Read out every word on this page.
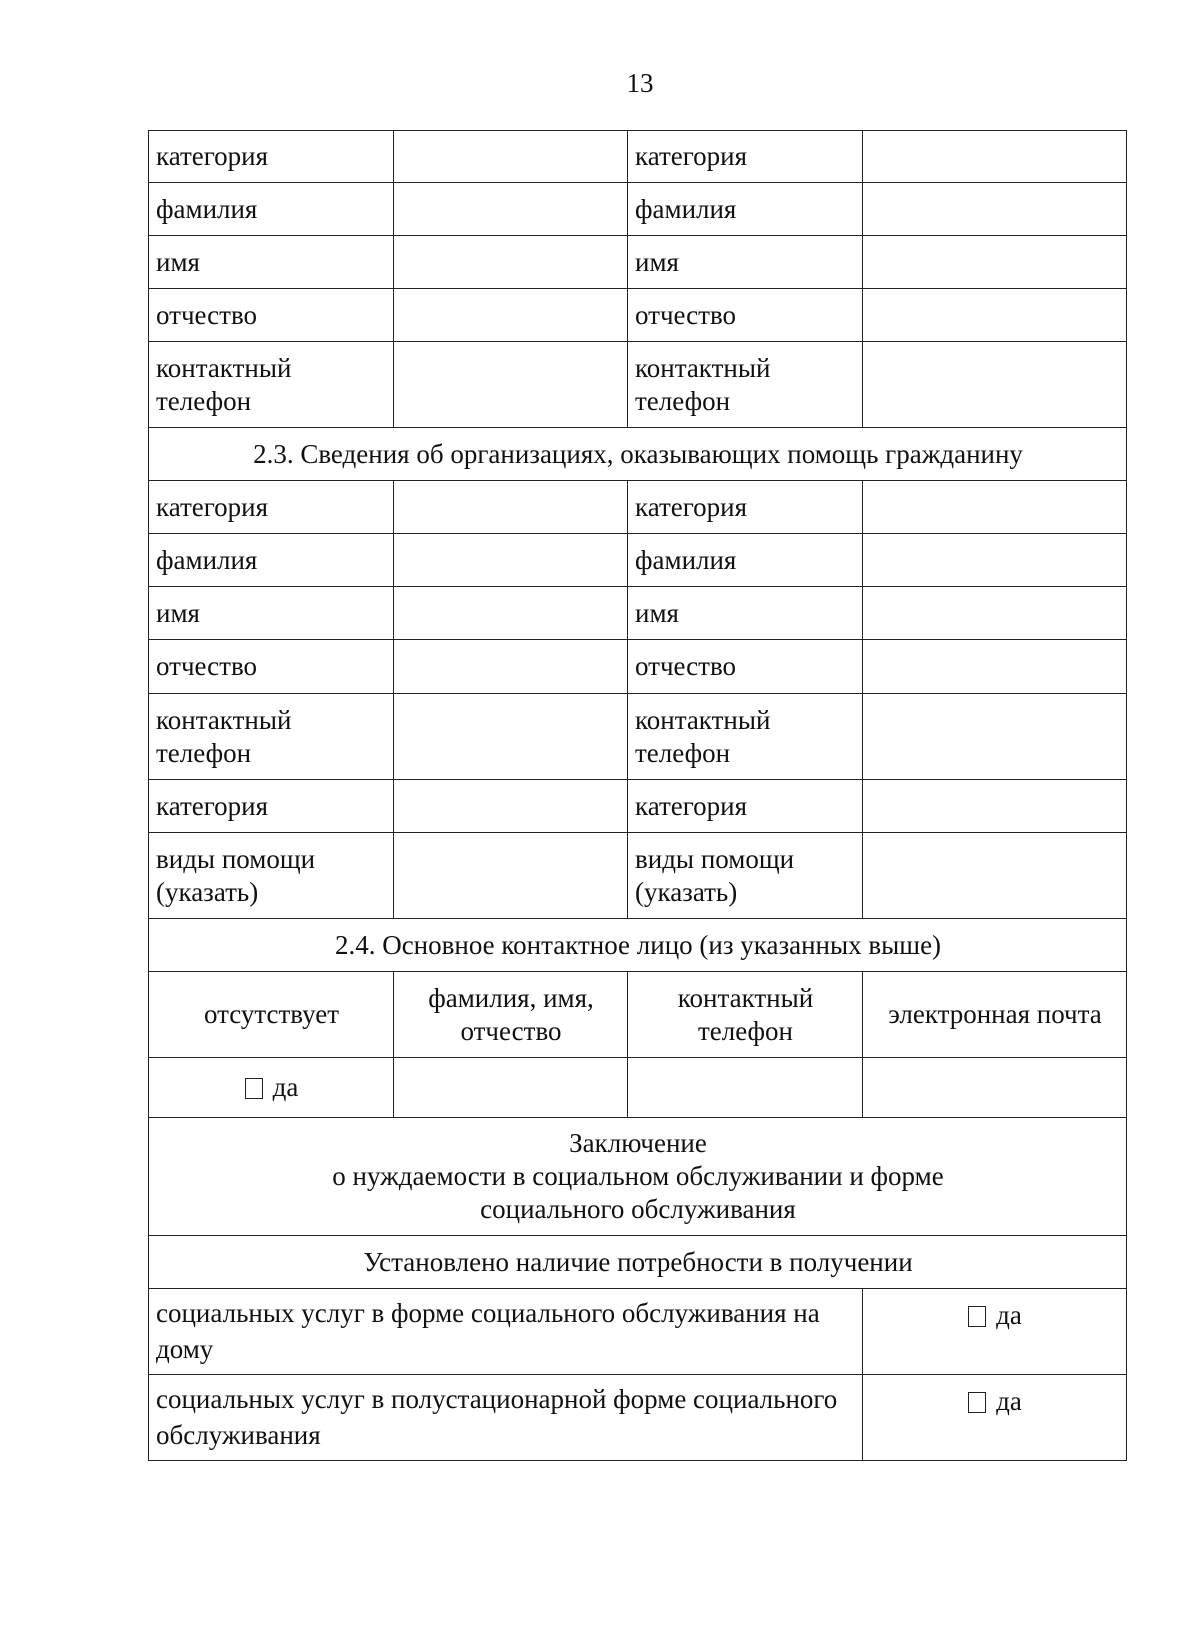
13
категория		категория	
фамилия		фамилия	
имя		имя	
отчество		отчество	
контактный телефон		контактный телефон	
2.3. Сведения об организациях, оказывающих помощь гражданину			
категория		категория	
фамилия		фамилия	
имя		имя	
отчество		отчество	
контактный телефон		контактный телефон	
категория		категория	
виды помощи (указать)		виды помощи (указать)	
2.4. Основное контактное лицо (из указанных выше)			
отсутствует	фамилия, имя, отчество	контактный телефон	электронная почта
да			

Заключение
о нуждаемости в социальном обслуживании и форме
социального обслуживания			

Установлено наличие потребности в получении			
социальных услуг в форме социального обслуживания на дому			да
социальных услуг в полустационарной форме социального обслуживания			да
